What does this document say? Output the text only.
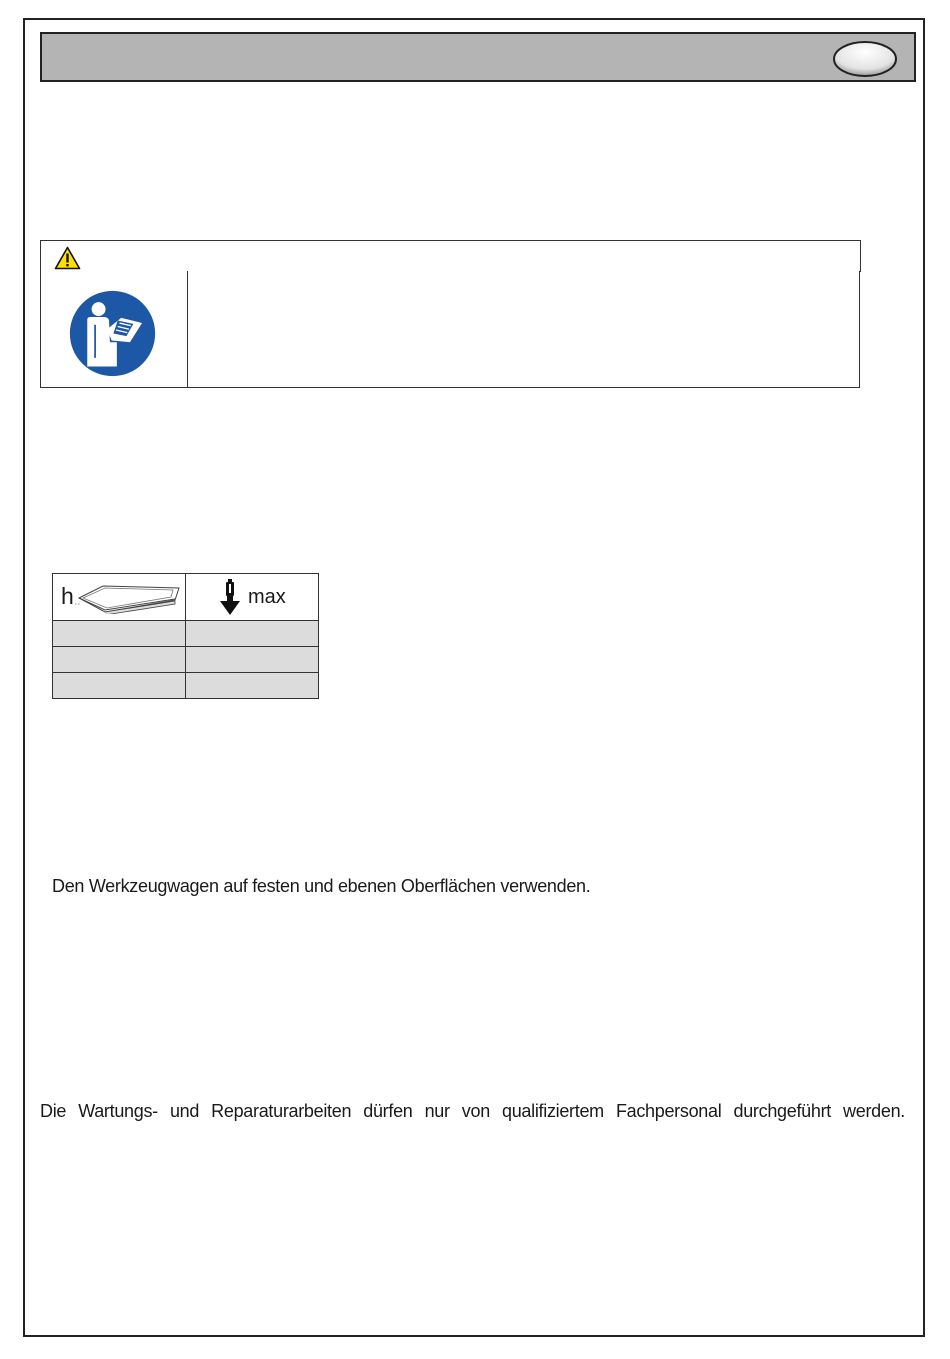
h	max

Den Werkzeugwagen auf festen und ebenen Oberflächen verwenden.
Die Wartungs- und Reparaturarbeiten dürfen nur von qualifiziertem Fachpersonal durchgeführt werden.
